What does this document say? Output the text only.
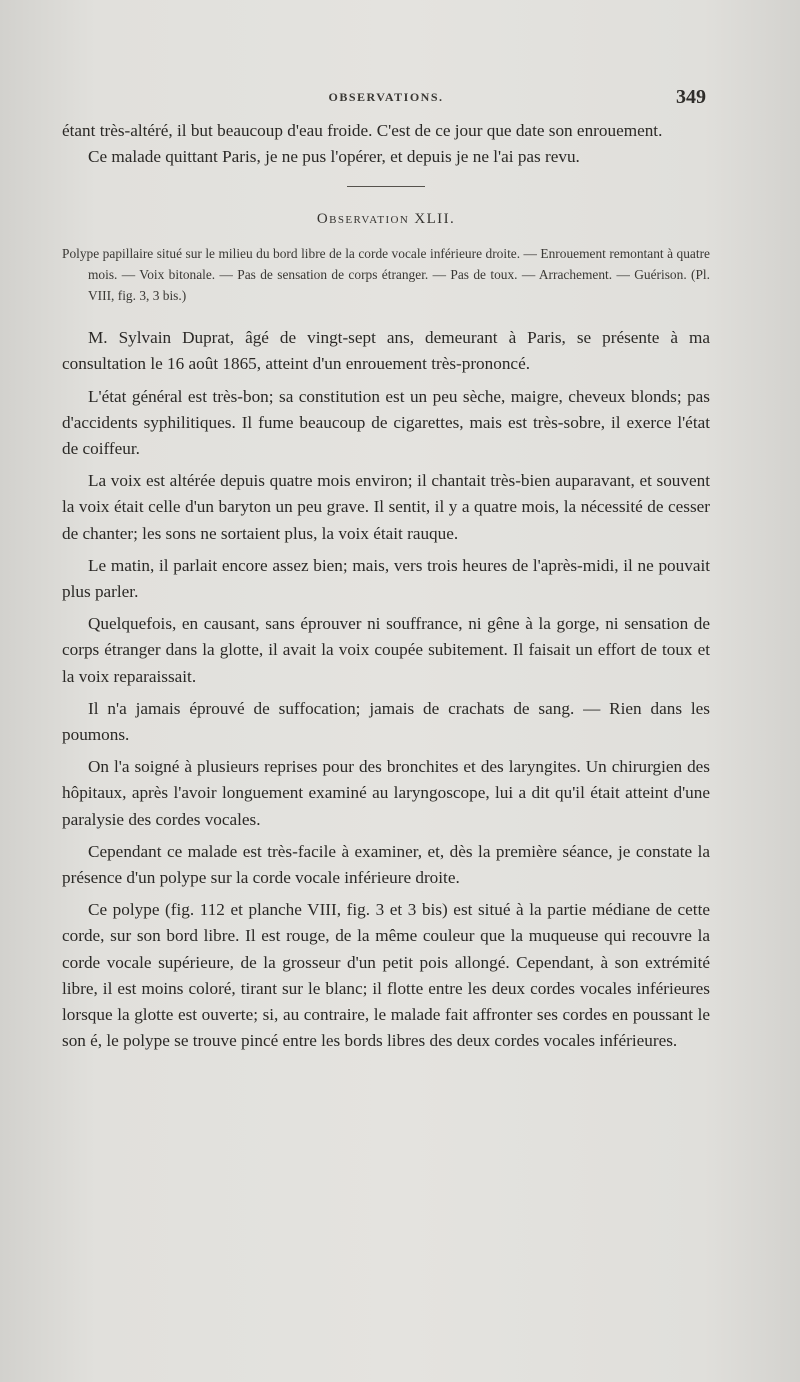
OBSERVATIONS.	349

étant très-altéré, il but beaucoup d'eau froide. C'est de ce jour que date son enrouement.

Ce malade quittant Paris, je ne pus l'opérer, et depuis je ne l'ai pas revu.

Observation XLII.
Polype papillaire situé sur le milieu du bord libre de la corde vocale inférieure droite. — Enrouement remontant à quatre mois. — Voix bitonale. — Pas de sensation de corps étranger. — Pas de toux. — Arrachement. — Guérison. (Pl. VIII, fig. 3, 3 bis.)

M. Sylvain Duprat, âgé de vingt-sept ans, demeurant à Paris, se présente à ma consultation le 16 août 1865, atteint d'un enrouement très-prononcé.

L'état général est très-bon; sa constitution est un peu sèche, maigre, cheveux blonds; pas d'accidents syphilitiques. Il fume beaucoup de cigarettes, mais est très-sobre, il exerce l'état de coiffeur.

La voix est altérée depuis quatre mois environ; il chantait très-bien auparavant, et souvent la voix était celle d'un baryton un peu grave. Il sentit, il y a quatre mois, la nécessité de cesser de chanter; les sons ne sortaient plus, la voix était rauque.

Le matin, il parlait encore assez bien; mais, vers trois heures de l'après-midi, il ne pouvait plus parler.

Quelquefois, en causant, sans éprouver ni souffrance, ni gêne à la gorge, ni sensation de corps étranger dans la glotte, il avait la voix coupée subitement. Il faisait un effort de toux et la voix reparaissait.

Il n'a jamais éprouvé de suffocation; jamais de crachats de sang. — Rien dans les poumons.

On l'a soigné à plusieurs reprises pour des bronchites et des laryngites. Un chirurgien des hôpitaux, après l'avoir longuement examiné au laryngoscope, lui a dit qu'il était atteint d'une paralysie des cordes vocales.

Cependant ce malade est très-facile à examiner, et, dès la première séance, je constate la présence d'un polype sur la corde vocale inférieure droite.

Ce polype (fig. 112 et planche VIII, fig. 3 et 3 bis) est situé à la partie médiane de cette corde, sur son bord libre. Il est rouge, de la même couleur que la muqueuse qui recouvre la corde vocale supérieure, de la grosseur d'un petit pois allongé. Cependant, à son extrémité libre, il est moins coloré, tirant sur le blanc; il flotte entre les deux cordes vocales inférieures lorsque la glotte est ouverte; si, au contraire, le malade fait affronter ses cordes en poussant le son é, le polype se trouve pincé entre les bords libres des deux cordes vocales inférieures.
